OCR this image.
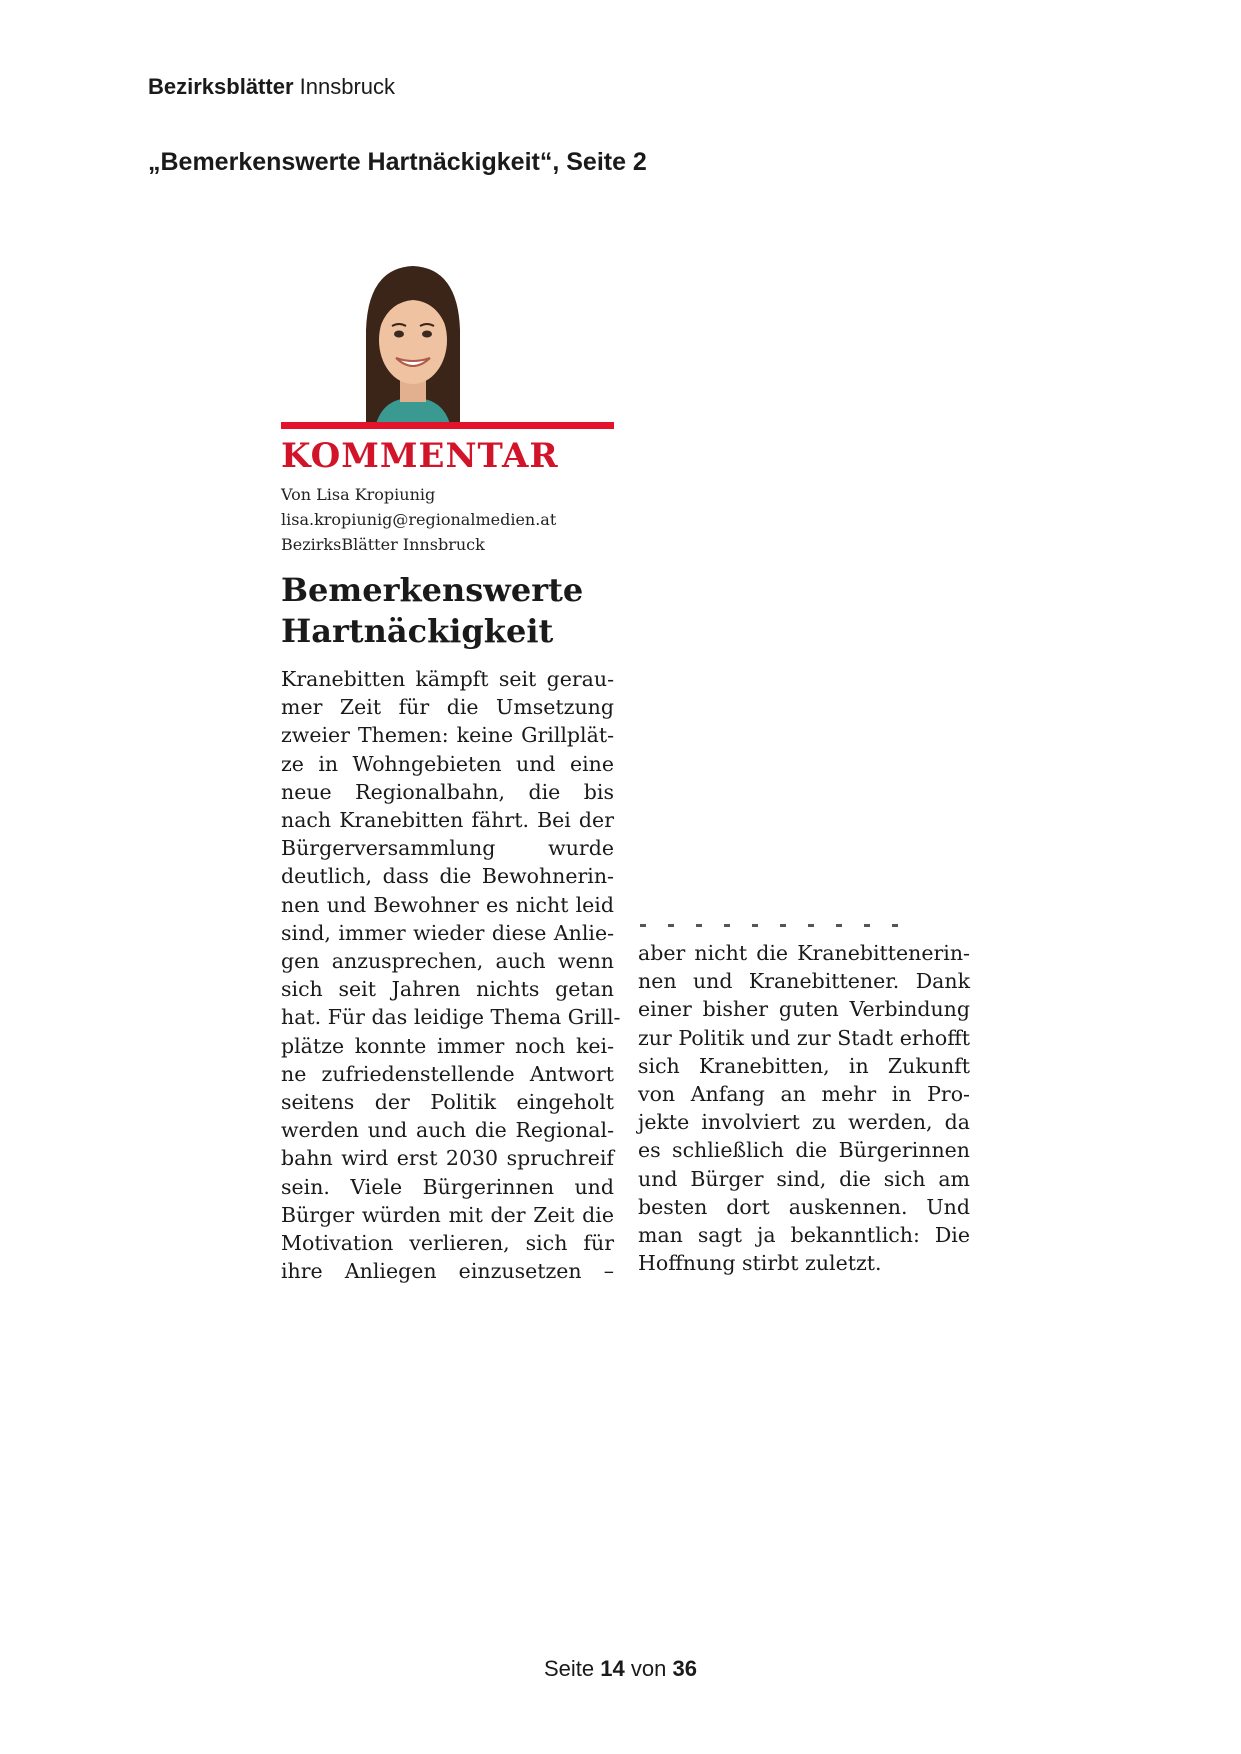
Bezirksblätter Innsbruck
„Bemerkenswerte Hartnäckigkeit“, Seite 2
KOMMENTAR
Von Lisa Kropiunig
lisa.kropiunig@regionalmedien.at
BezirksBlätter Innsbruck
Bemerkenswerte
Hartnäckigkeit
Kranebitten kämpft seit gerau-
mer Zeit für die Umsetzung
zweier Themen: keine Grillplät-
ze in Wohngebieten und eine
neue Regionalbahn, die bis
nach Kranebitten fährt. Bei der
Bürgerversammlung wurde
deutlich, dass die Bewohnerin-
nen und Bewohner es nicht leid
sind, immer wieder diese Anlie-
gen anzusprechen, auch wenn
sich seit Jahren nichts getan
hat. Für das leidige Thema Grill-
plätze konnte immer noch kei-
ne zufriedenstellende Antwort
seitens der Politik eingeholt
werden und auch die Regional-
bahn wird erst 2030 spruchreif
sein. Viele Bürgerinnen und
Bürger würden mit der Zeit die
Motivation verlieren, sich für
ihre Anliegen einzusetzen –
aber nicht die Kranebittenerin-
nen und Kranebittener. Dank
einer bisher guten Verbindung
zur Politik und zur Stadt erhofft
sich Kranebitten, in Zukunft
von Anfang an mehr in Pro-
jekte involviert zu werden, da
es schließlich die Bürgerinnen
und Bürger sind, die sich am
besten dort auskennen. Und
man sagt ja bekanntlich: Die
Hoffnung stirbt zuletzt.
Seite 14 von 36
